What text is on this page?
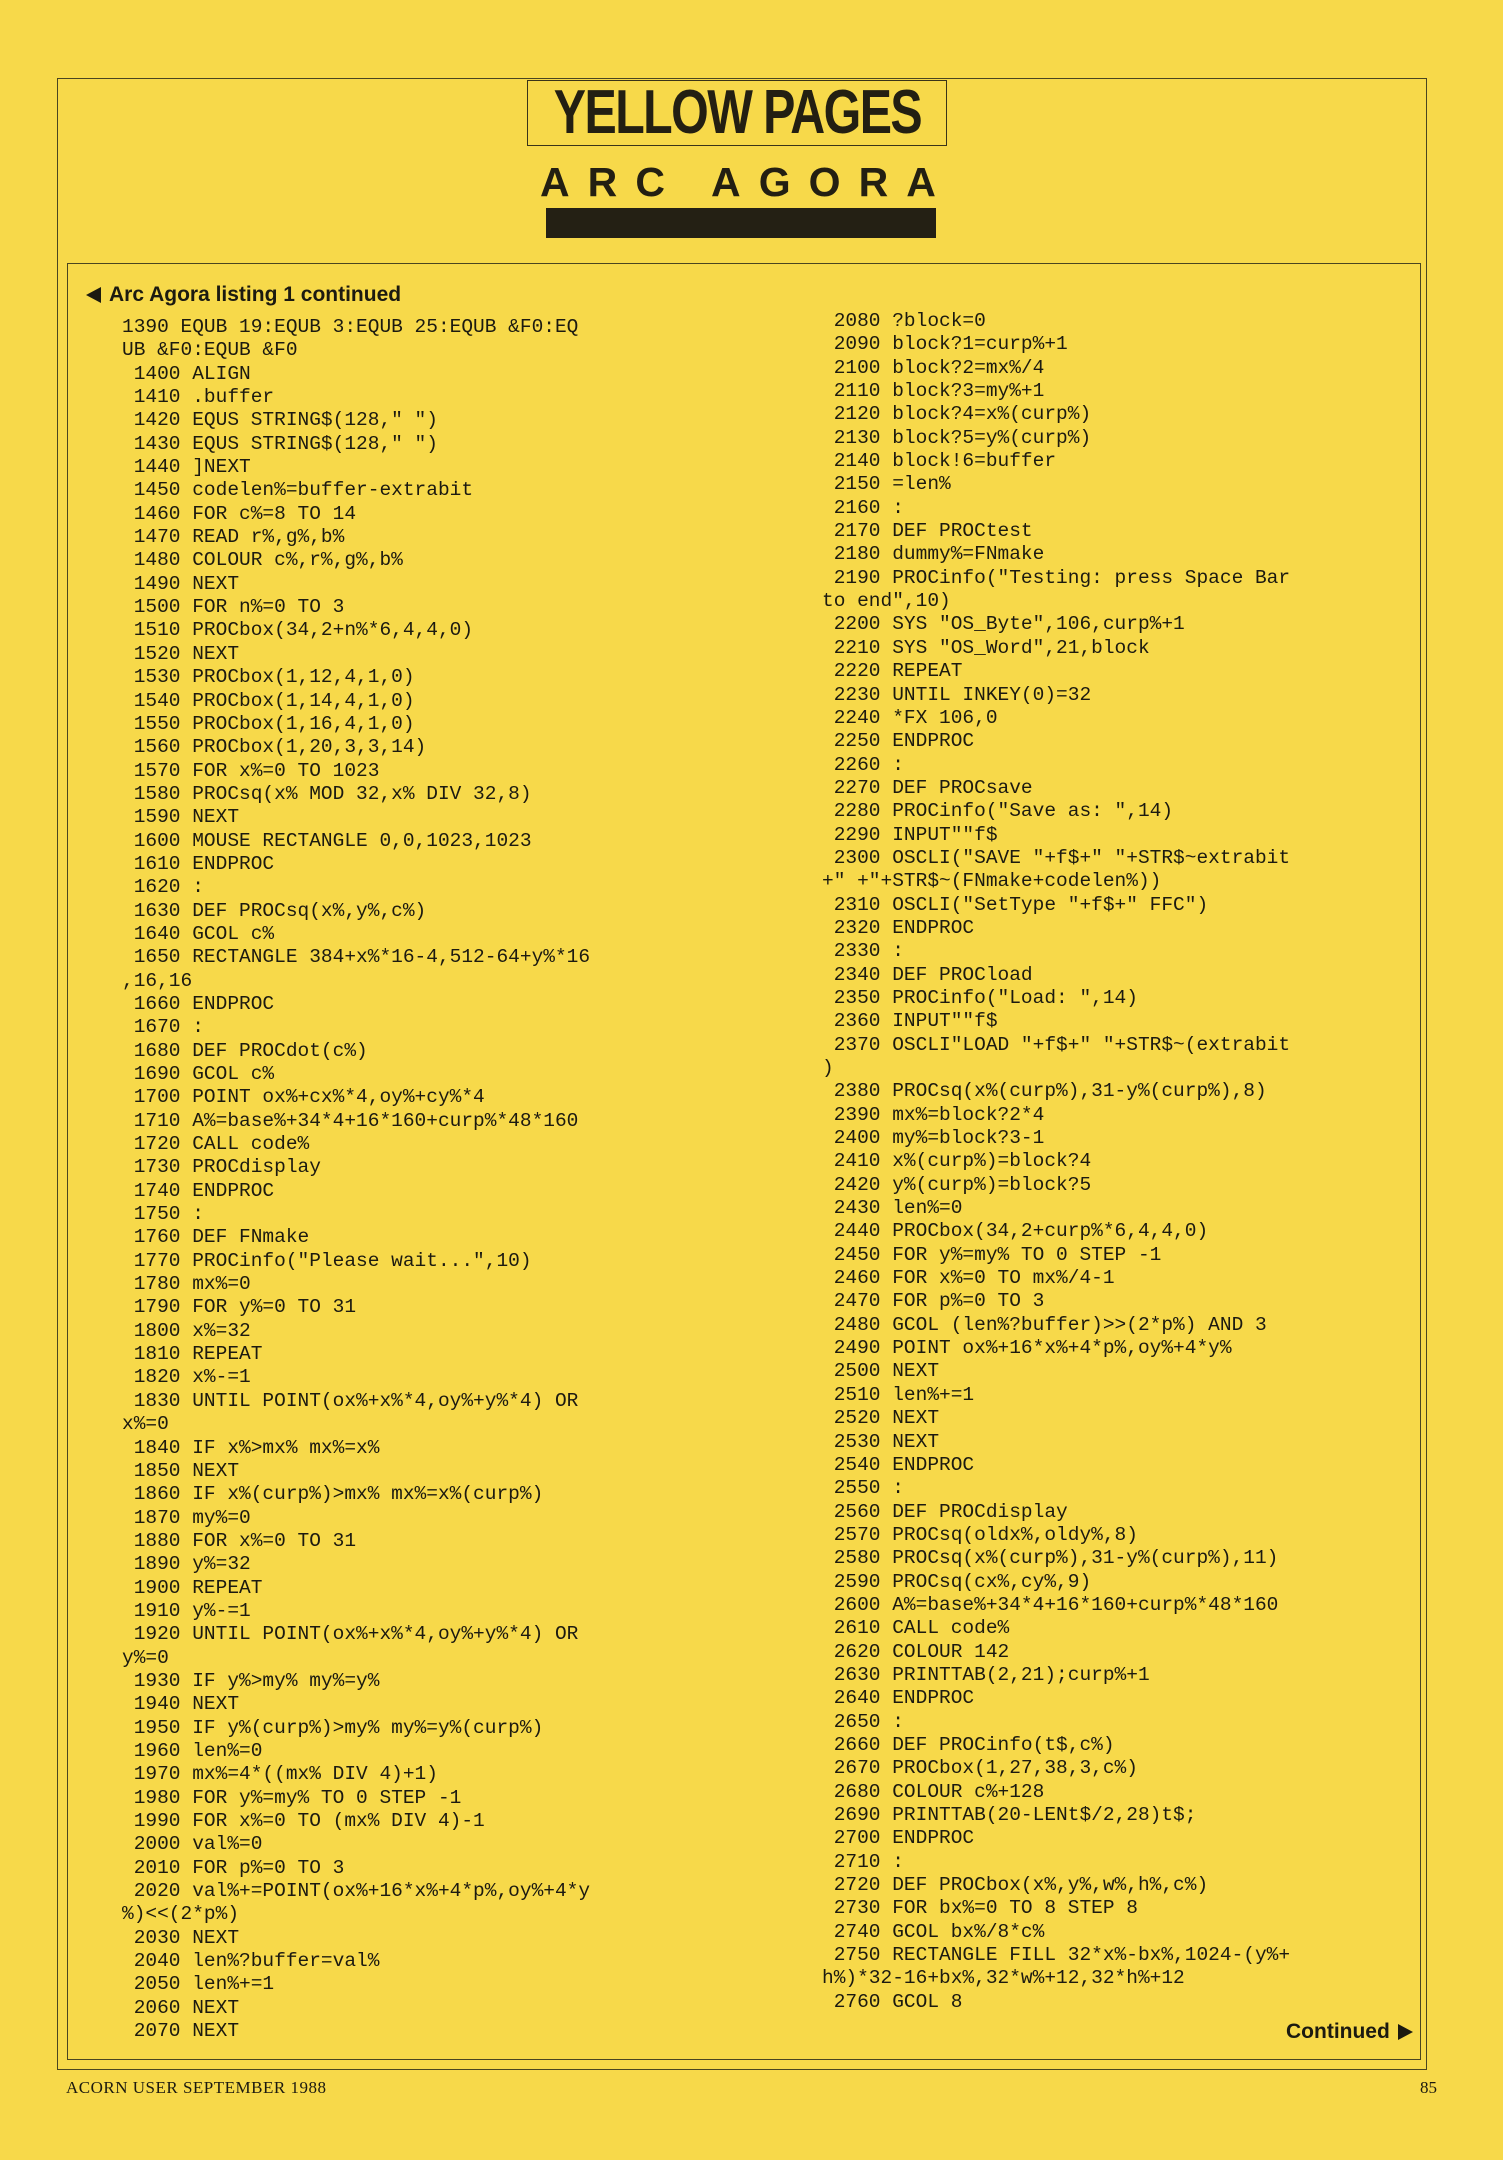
YELLOW PAGES
A R C A G O R A
Arc Agora listing 1 continued
1390 EQUB 19:EQUB 3:EQUB 25:EQUB &F0:EQ
UB &F0:EQUB &F0
1400 ALIGN
1410 .buffer
1420 EQUS STRING$(128," ")
1430 EQUS STRING$(128," ")
1440 ]NEXT
1450 codelen%=buffer-extrabit
1460 FOR c%=8 TO 14
1470 READ r%,g%,b%
1480 COLOUR c%,r%,g%,b%
1490 NEXT
1500 FOR n%=0 TO 3
1510 PROCbox(34,2+n%*6,4,4,0)
1520 NEXT
1530 PROCbox(1,12,4,1,0)
1540 PROCbox(1,14,4,1,0)
1550 PROCbox(1,16,4,1,0)
1560 PROCbox(1,20,3,3,14)
1570 FOR x%=0 TO 1023
1580 PROCsq(x% MOD 32,x% DIV 32,8)
1590 NEXT
1600 MOUSE RECTANGLE 0,0,1023,1023
1610 ENDPROC
1620 :
1630 DEF PROCsq(x%,y%,c%)
1640 GCOL c%
1650 RECTANGLE 384+x%*16-4,512-64+y%*16
,16,16
1660 ENDPROC
1670 :
1680 DEF PROCdot(c%)
1690 GCOL c%
1700 POINT ox%+cx%*4,oy%+cy%*4
1710 A%=base%+34*4+16*160+curp%*48*160
1720 CALL code%
1730 PROCdisplay
1740 ENDPROC
1750 :
1760 DEF FNmake
1770 PROCinfo("Please wait...",10)
1780 mx%=0
1790 FOR y%=0 TO 31
1800 x%=32
1810 REPEAT
1820 x%-=1
1830 UNTIL POINT(ox%+x%*4,oy%+y%*4) OR
x%=0
1840 IF x%>mx% mx%=x%
1850 NEXT
1860 IF x%(curp%)>mx% mx%=x%(curp%)
1870 my%=0
1880 FOR x%=0 TO 31
1890 y%=32
1900 REPEAT
1910 y%-=1
1920 UNTIL POINT(ox%+x%*4,oy%+y%*4) OR
y%=0
1930 IF y%>my% my%=y%
1940 NEXT
1950 IF y%(curp%)>my% my%=y%(curp%)
1960 len%=0
1970 mx%=4*((mx% DIV 4)+1)
1980 FOR y%=my% TO 0 STEP -1
1990 FOR x%=0 TO (mx% DIV 4)-1
2000 val%=0
2010 FOR p%=0 TO 3
2020 val%+=POINT(ox%+16*x%+4*p%,oy%+4*y
%)<<(2*p%)
2030 NEXT
2040 len%?buffer=val%
2050 len%+=1
2060 NEXT
2070 NEXT

2080 ?block=0
2090 block?1=curp%+1
2100 block?2=mx%/4
2110 block?3=my%+1
2120 block?4=x%(curp%)
2130 block?5=y%(curp%)
2140 block!6=buffer
2150 =len%
2160 :
2170 DEF PROCtest
2180 dummy%=FNmake
2190 PROCinfo("Testing: press Space Bar
to end",10)
2200 SYS "OS_Byte",106,curp%+1
2210 SYS "OS_Word",21,block
2220 REPEAT
2230 UNTIL INKEY(0)=32
2240 *FX 106,0
2250 ENDPROC
2260 :
2270 DEF PROCsave
2280 PROCinfo("Save as: ",14)
2290 INPUT""f$
2300 OSCLI("SAVE "+f$+" "+STR$~extrabit
+" +"+STR$~(FNmake+codelen%))
2310 OSCLI("SetType "+f$+" FFC")
2320 ENDPROC
2330 :
2340 DEF PROCload
2350 PROCinfo("Load: ",14)
2360 INPUT""f$
2370 OSCLI"LOAD "+f$+" "+STR$~(extrabit
)
2380 PROCsq(x%(curp%),31-y%(curp%),8)
2390 mx%=block?2*4
2400 my%=block?3-1
2410 x%(curp%)=block?4
2420 y%(curp%)=block?5
2430 len%=0
2440 PROCbox(34,2+curp%*6,4,4,0)
2450 FOR y%=my% TO 0 STEP -1
2460 FOR x%=0 TO mx%/4-1
2470 FOR p%=0 TO 3
2480 GCOL (len%?buffer)>>(2*p%) AND 3
2490 POINT ox%+16*x%+4*p%,oy%+4*y%
2500 NEXT
2510 len%+=1
2520 NEXT
2530 NEXT
2540 ENDPROC
2550 :
2560 DEF PROCdisplay
2570 PROCsq(oldx%,oldy%,8)
2580 PROCsq(x%(curp%),31-y%(curp%),11)
2590 PROCsq(cx%,cy%,9)
2600 A%=base%+34*4+16*160+curp%*48*160
2610 CALL code%
2620 COLOUR 142
2630 PRINTTAB(2,21);curp%+1
2640 ENDPROC
2650 :
2660 DEF PROCinfo(t$,c%)
2670 PROCbox(1,27,38,3,c%)
2680 COLOUR c%+128
2690 PRINTTAB(20-LENt$/2,28)t$;
2700 ENDPROC
2710 :
2720 DEF PROCbox(x%,y%,w%,h%,c%)
2730 FOR bx%=0 TO 8 STEP 8
2740 GCOL bx%/8*c%
2750 RECTANGLE FILL 32*x%-bx%,1024-(y%+
h%)*32-16+bx%,32*w%+12,32*h%+12
2760 GCOL 8

Continued
ACORN USER SEPTEMBER 1988	85
